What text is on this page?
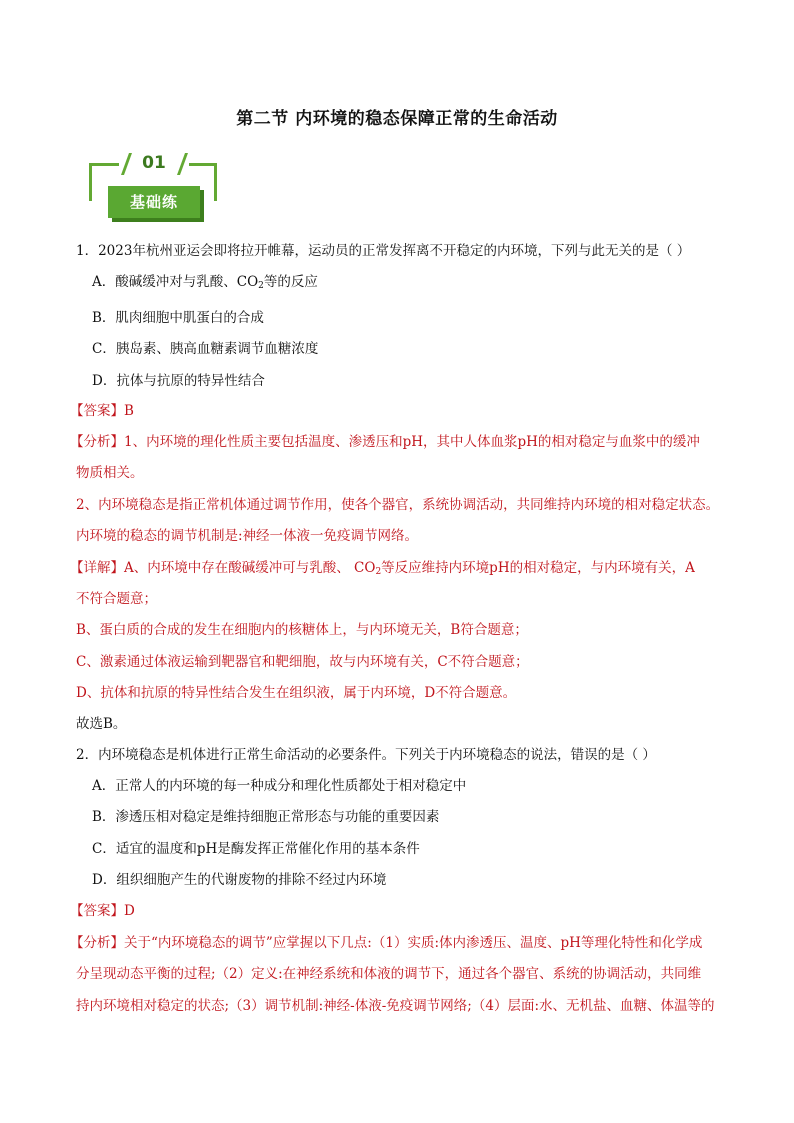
第二节 内环境的稳态保障正常的生命活动
01
基础练
1．2023年杭州亚运会即将拉开帷幕，运动员的正常发挥离不开稳定的内环境，下列与此无关的是（ ）
A．酸碱缓冲对与乳酸、$CO_2$等的反应
B．肌肉细胞中肌蛋白的合成
C．胰岛素、胰高血糖素调节血糖浓度
D．抗体与抗原的特异性结合
【答案】B
【分析】1、内环境的理化性质主要包括温度、渗透压和pH，其中人体血浆pH的相对稳定与血浆中的缓冲
物质相关。
2、内环境稳态是指正常机体通过调节作用，使各个器官，系统协调活动，共同维持内环境的相对稳定状态。
内环境的稳态的调节机制是:神经一体液一免疫调节网络。
【详解】A、内环境中存在酸碱缓冲可与乳酸、 $CO_2$等反应维持内环境pH的相对稳定，与内环境有关，A
不符合题意；
B、蛋白质的合成的发生在细胞内的核糖体上，与内环境无关，B符合题意；
C、激素通过体液运输到靶器官和靶细胞，故与内环境有关，C不符合题意；
D、抗体和抗原的特异性结合发生在组织液，属于内环境，D不符合题意。
故选B。
2．内环境稳态是机体进行正常生命活动的必要条件。下列关于内环境稳态的说法，错误的是（ ）
A．正常人的内环境的每一种成分和理化性质都处于相对稳定中
B．渗透压相对稳定是维持细胞正常形态与功能的重要因素
C．适宜的温度和pH是酶发挥正常催化作用的基本条件
D．组织细胞产生的代谢废物的排除不经过内环境
【答案】D
【分析】关于“内环境稳态的调节”应掌握以下几点:（1）实质:体内渗透压、温度、pH等理化特性和化学成
分呈现动态平衡的过程;（2）定义:在神经系统和体液的调节下，通过各个器官、系统的协调活动，共同维
持内环境相对稳定的状态;（3）调节机制:神经-体液-免疫调节网络;（4）层面:水、无机盐、血糖、体温等的
